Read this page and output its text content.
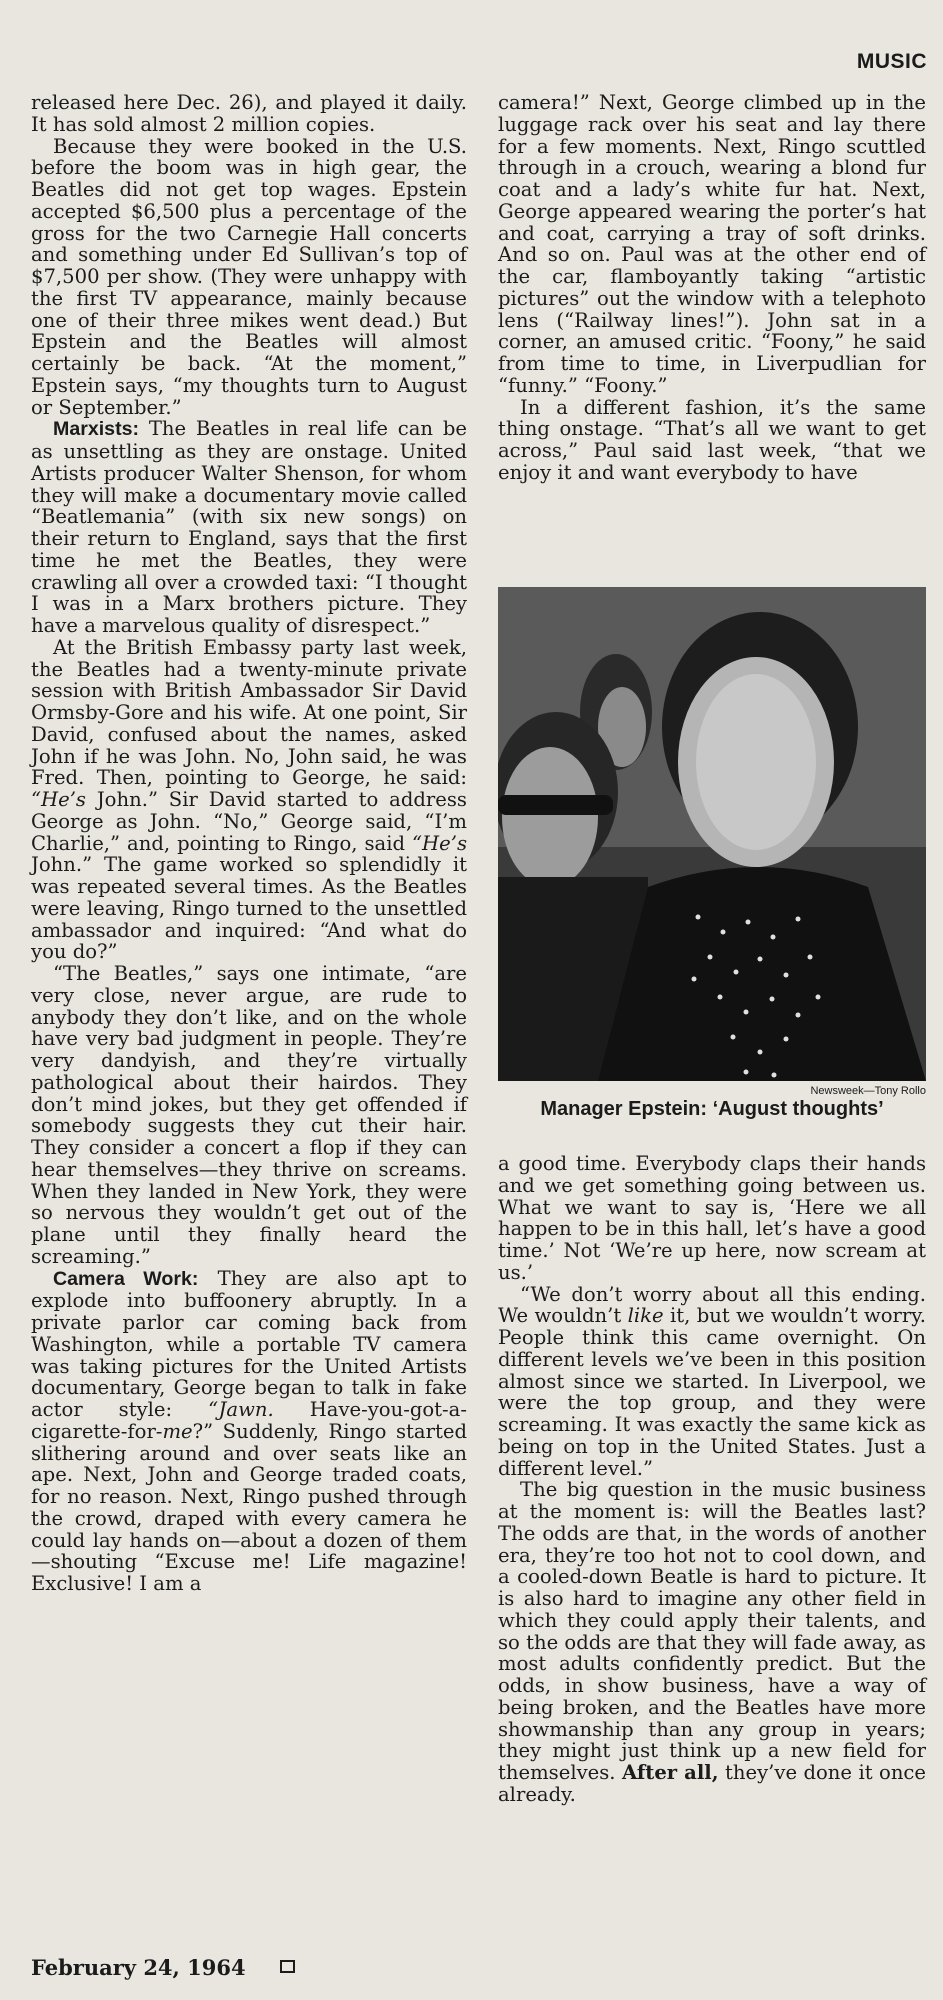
MUSIC

released here Dec. 26), and played it daily. It has sold almost 2 million copies.

Because they were booked in the U.S. before the boom was in high gear, the Beatles did not get top wages. Epstein accepted $6,500 plus a percentage of the gross for the two Carnegie Hall concerts and something under Ed Sullivan’s top of $7,500 per show. (They were unhappy with the first TV appearance, mainly because one of their three mikes went dead.) But Epstein and the Beatles will almost certainly be back. “At the moment,” Epstein says, “my thoughts turn to August or September.”

Marxists: The Beatles in real life can be as unsettling as they are onstage. United Artists producer Walter Shenson, for whom they will make a documentary movie called “Beatlemania” (with six new songs) on their return to England, says that the first time he met the Beatles, they were crawling all over a crowded taxi: “I thought I was in a Marx brothers picture. They have a marvelous quality of disrespect.”

At the British Embassy party last week, the Beatles had a twenty-minute private session with British Ambassador Sir David Ormsby-Gore and his wife. At one point, Sir David, confused about the names, asked John if he was John. No, John said, he was Fred. Then, pointing to George, he said: “He’s John.” Sir David started to address George as John. “No,” George said, “I’m Charlie,” and, pointing to Ringo, said “He’s John.” The game worked so splendidly it was repeated several times. As the Beatles were leaving, Ringo turned to the unsettled ambassador and inquired: “And what do you do?”

“The Beatles,” says one intimate, “are very close, never argue, are rude to anybody they don’t like, and on the whole have very bad judgment in people. They’re very dandyish, and they’re virtually pathological about their hairdos. They don’t mind jokes, but they get offended if somebody suggests they cut their hair. They consider a concert a flop if they can hear themselves—they thrive on screams. When they landed in New York, they were so nervous they wouldn’t get out of the plane until they finally heard the screaming.”

Camera Work: They are also apt to explode into buffoonery abruptly. In a private parlor car coming back from Washington, while a portable TV camera was taking pictures for the United Artists documentary, George began to talk in fake actor style: “Jawn. Have-you-got-a-cigarette-for-me?” Suddenly, Ringo started slithering around and over seats like an ape. Next, John and George traded coats, for no reason. Next, Ringo pushed through the crowd, draped with every camera he could lay hands on—about a dozen of them—shouting “Excuse me! Life magazine! Exclusive! I am a

camera!” Next, George climbed up in the luggage rack over his seat and lay there for a few moments. Next, Ringo scuttled through in a crouch, wearing a blond fur coat and a lady’s white fur hat. Next, George appeared wearing the porter’s hat and coat, carrying a tray of soft drinks. And so on. Paul was at the other end of the car, flamboyantly taking “artistic pictures” out the window with a telephoto lens (“Railway lines!”). John sat in a corner, an amused critic. “Foony,” he said from time to time, in Liverpudlian for “funny.” “Foony.”

In a different fashion, it’s the same thing onstage. “That’s all we want to get across,” Paul said last week, “that we enjoy it and want everybody to have

Newsweek—Tony Rollo
Manager Epstein: ‘August thoughts’

a good time. Everybody claps their hands and we get something going between us. What we want to say is, ‘Here we all happen to be in this hall, let’s have a good time.’ Not ‘We’re up here, now scream at us.’

“We don’t worry about all this ending. We wouldn’t like it, but we wouldn’t worry. People think this came overnight. On different levels we’ve been in this position almost since we started. In Liverpool, we were the top group, and they were screaming. It was exactly the same kick as being on top in the United States. Just a different level.”

The big question in the music business at the moment is: will the Beatles last? The odds are that, in the words of another era, they’re too hot not to cool down, and a cooled-down Beatle is hard to picture. It is also hard to imagine any other field in which they could apply their talents, and so the odds are that they will fade away, as most adults confidently predict. But the odds, in show business, have a way of being broken, and the Beatles have more showmanship than any group in years; they might just think up a new field for themselves. After all, they’ve done it once already.

February 24, 1964
